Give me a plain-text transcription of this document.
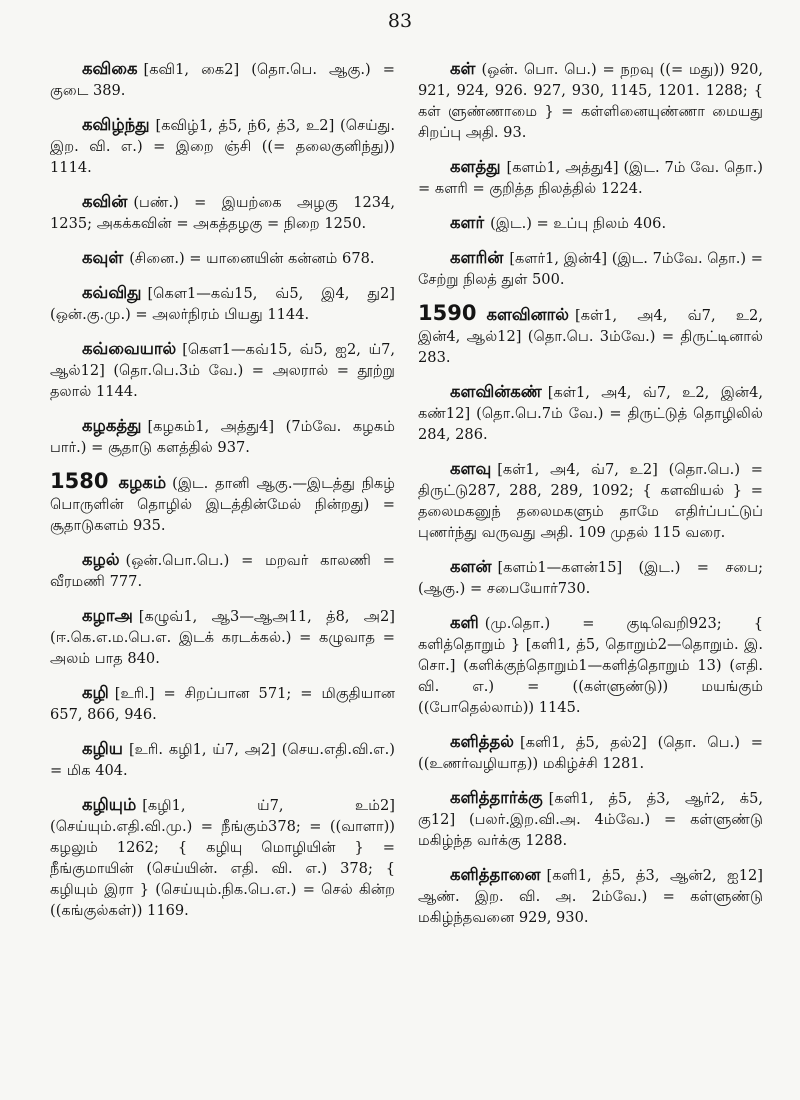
83

கவிகை [கவி1, கை2] (தொ.பெ. ஆகு.) = குடை 389.

கவிழ்ந்து [கவிழ்1, த்5, ந்6, த்3, உ2] (செய்து. இற. வி. எ.) = இறை ஞ்சி ((= தலைகுனிந்து)) 1114.

கவின் (பண்.) = இயற்கை அழகு 1234, 1235; அகக்கவின் = அகத்தழகு = நிறை 1250.

கவுள் (சினை.) = யானையின் கன்னம் 678.

கவ்விது [கௌ1—கவ்15, வ்5, இ4, து2] (ஒன்.கு.மு.) = அலர்நிரம் பியது 1144.

கவ்வையால் [கௌ1—கவ்15, வ்5, ஐ2, ய்7, ஆல்12] (தொ.பெ.3ம் வே.) = அலரால் = தூற்று தலால் 1144.

கழகத்து [கழகம்1, அத்து4] (7ம்வே. கழகம் பார்.) = சூதாடு களத்தில் 937.

1580 கழகம் (இட. தானி ஆகு.—இடத்து நிகழ் பொருளின் தொழில் இடத்தின்மேல் நின்றது) = சூதாடுகளம் 935.

கழல் (ஒன்.பொ.பெ.) = மறவர் காலணி = வீரமணி 777.

கழாஅ [கழுவ்1, ஆ3—ஆஅ11, த்8, அ2] (ஈ.கெ.எ.ம.பெ.எ. இடக் கரடக்கல்.) = கழுவாத = அலம் பாத 840.

கழி [உரி.] = சிறப்பான 571; = மிகுதியான 657, 866, 946.

கழிய [உரி. கழி1, ய்7, அ2] (செய.எதி.வி.எ.) = மிக 404.

கழியும் [கழி1, ய்7, உம்2] (செய்யும்.எதி.வி.மு.) = நீங்கும்378; = ((வாளா)) கழலும் 1262; { கழியு மொழியின் } = நீங்குமாயின் (செய்யின். எதி. வி. எ.) 378; { கழியும் இரா } (செய்யும்.நிக.பெ.எ.) = செல் கின்ற ((கங்குல்கள்)) 1169.

கள் (ஒன். பொ. பெ.) = நறவு ((= மது)) 920, 921, 924, 926. 927, 930, 1145, 1201. 1288; { கள் ளுண்ணாமை } = கள்ளினையுண்ணா மையது சிறப்பு அதி. 93.

களத்து [களம்1, அத்து4] (இட. 7ம் வே. தொ.) = களரி = குறித்த நிலத்தில் 1224.

களர் (இட.) = உப்பு நிலம் 406.

களரின் [களர்1, இன்4] (இட. 7ம்வே. தொ.) = சேற்று நிலத் துள் 500.

1590 களவினால் [கள்1, அ4, வ்7, உ2, இன்4, ஆல்12] (தொ.பெ. 3ம்வே.) = திருட்டினால் 283.

களவின்கண் [கள்1, அ4, வ்7, உ2, இன்4, கண்12] (தொ.பெ.7ம் வே.) = திருட்டுத் தொழிலில் 284, 286.

களவு [கள்1, அ4, வ்7, உ2] (தொ.பெ.) = திருட்டு287, 288, 289, 1092; { களவியல் } = தலைமகனுந் தலைமகளும் தாமே எதிர்ப்பட்டுப் புணர்ந்து வருவது அதி. 109 முதல் 115 வரை.

களன் [களம்1—களன்15] (இட.) = சபை; (ஆகு.) = சபையோர்730.

களி (மு.தொ.) = குடிவெறி923; { களித்தொறும் } [களி1, த்5, தொறும்2—தொறும். இ. சொ.] (களிக்குந்தொறும்1—களித்தொறும் 13) (எதி. வி. எ.) = ((கள்ளுண்டு)) மயங்கும் ((போதெல்லாம்)) 1145.

களித்தல் [களி1, த்5, தல்2] (தொ. பெ.) = ((உணர்வழியாத)) மகிழ்ச்சி 1281.

களித்தார்க்கு [களி1, த்5, த்3, ஆர்2, க்5, கு12] (பலர்.இற.வி.அ. 4ம்வே.) = கள்ளுண்டு மகிழ்ந்த வர்க்கு 1288.

களித்தானை [களி1, த்5, த்3, ஆன்2, ஐ12] ஆண். இற. வி. அ. 2ம்வே.) = கள்ளுண்டு மகிழ்ந்தவனை 929, 930.
